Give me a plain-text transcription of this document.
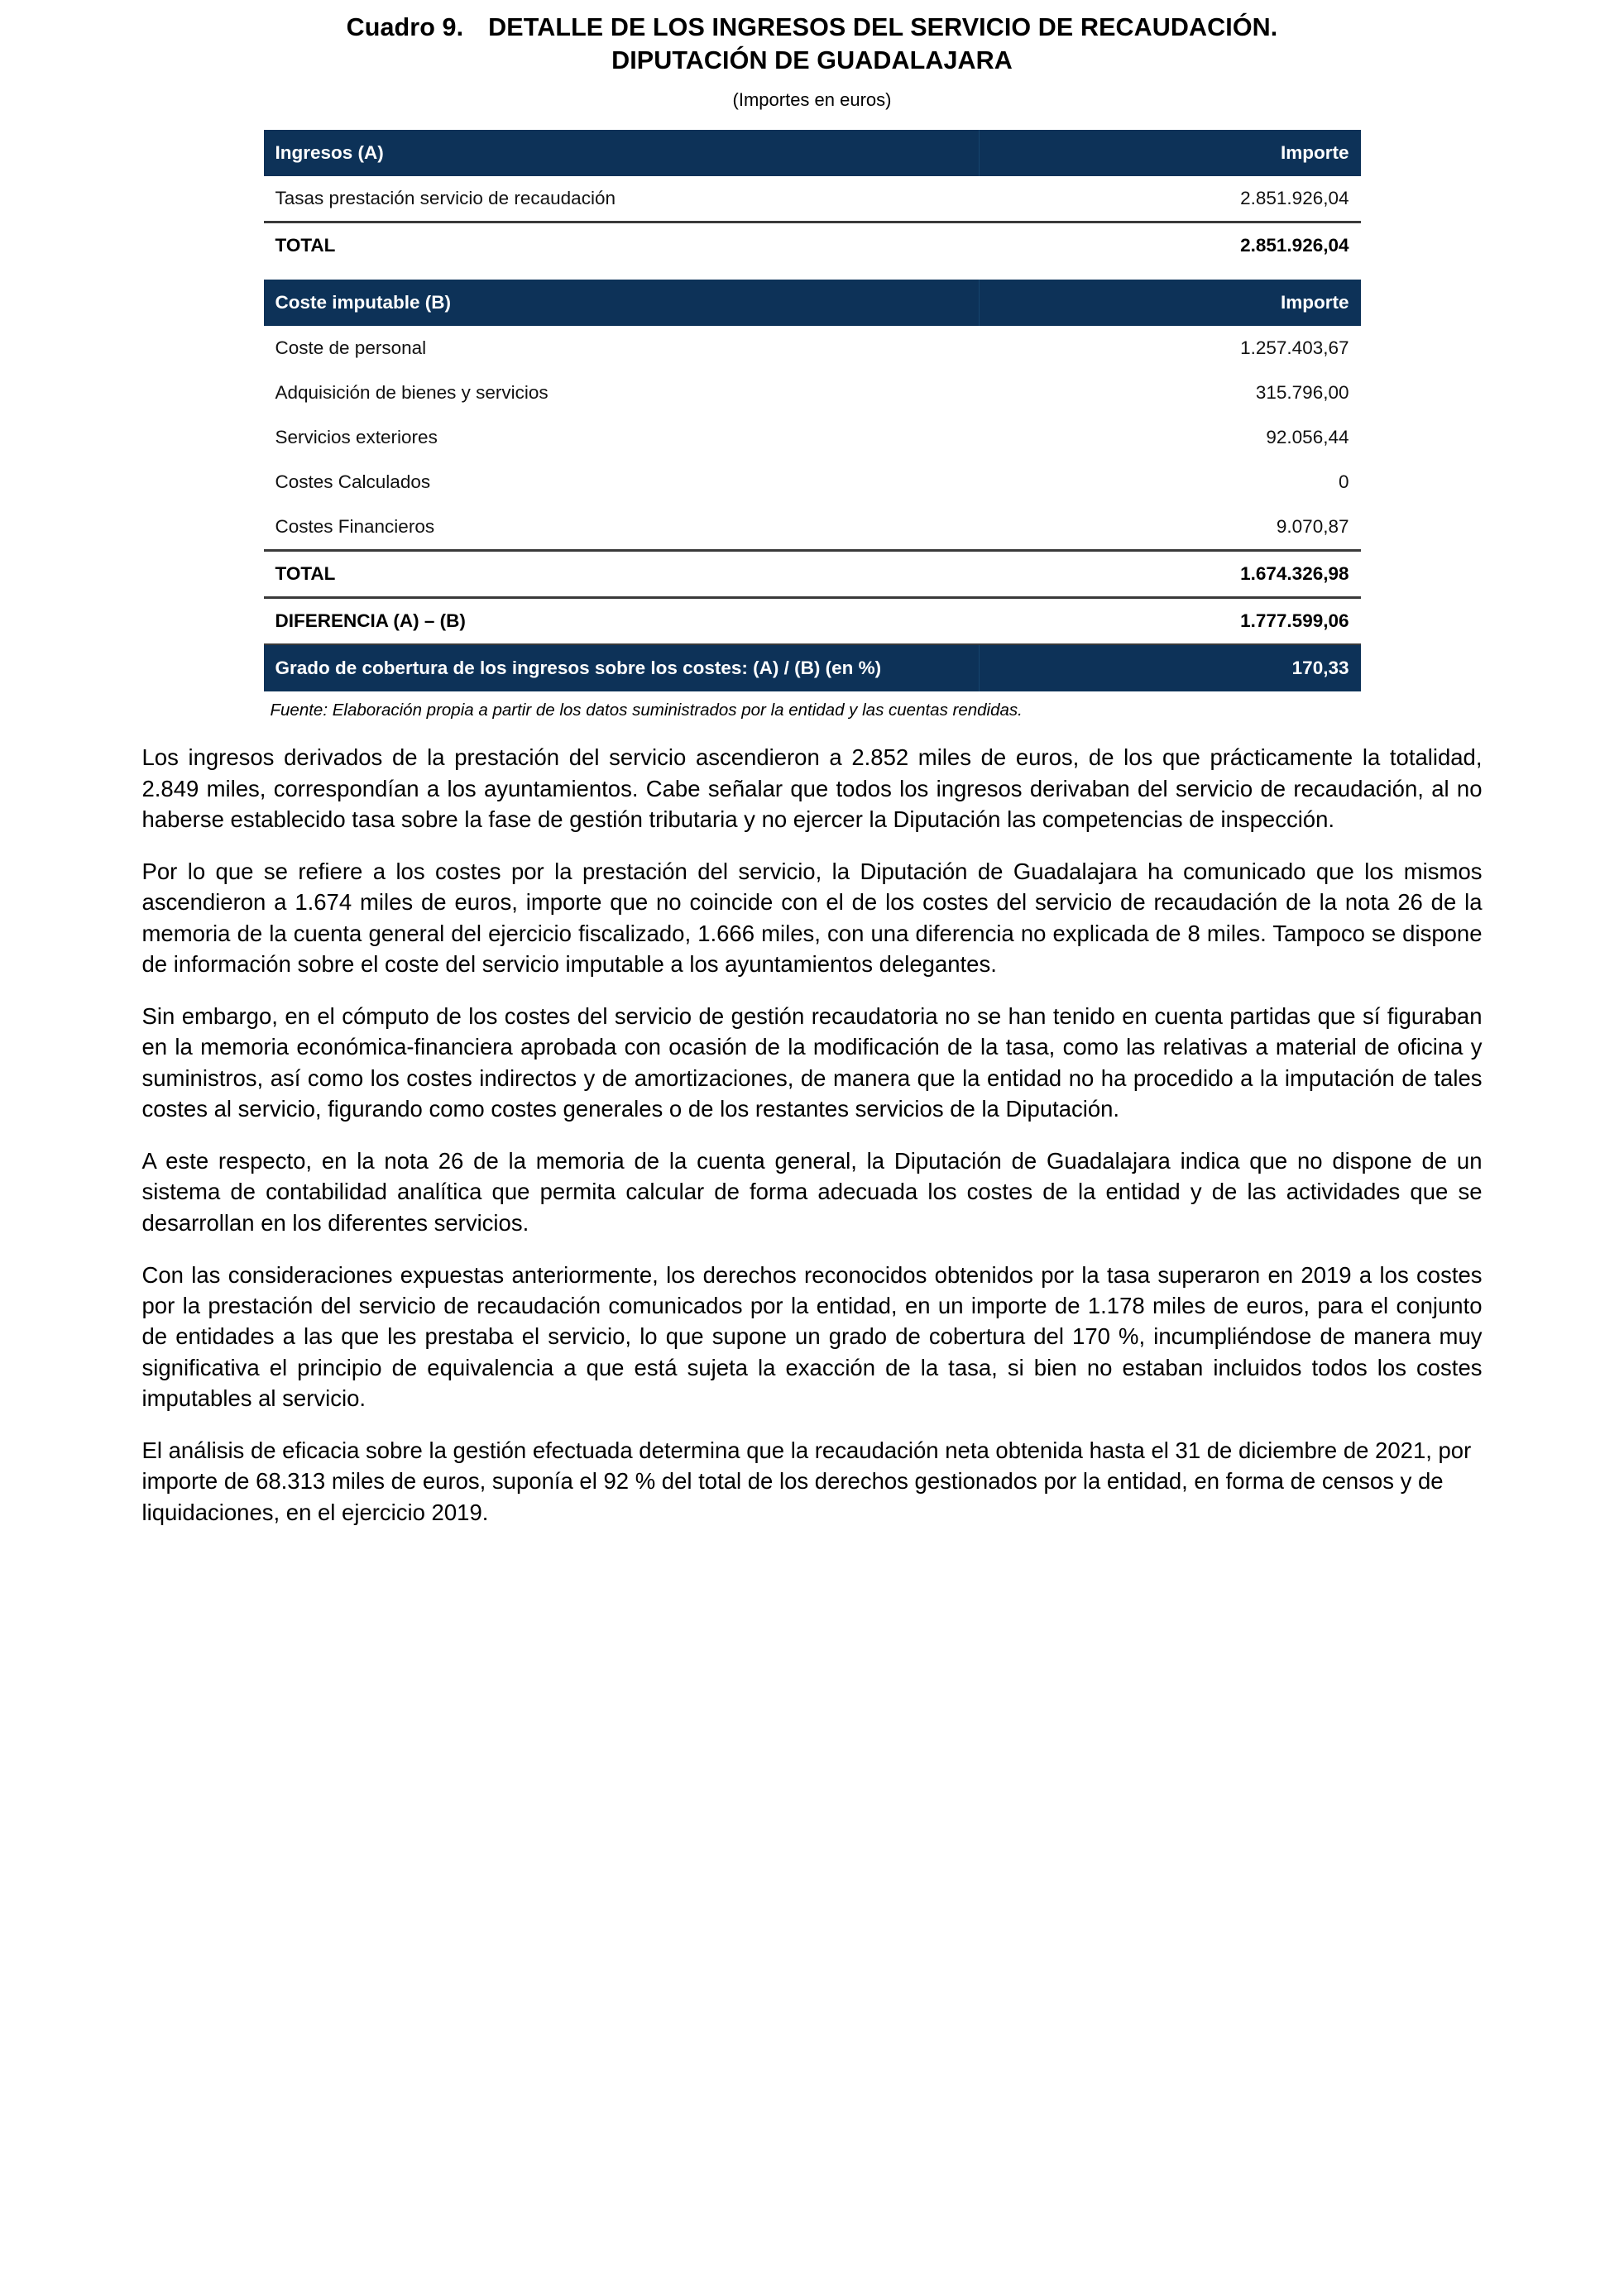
Cuadro 9. DETALLE DE LOS INGRESOS DEL SERVICIO DE RECAUDACIÓN.
DIPUTACIÓN DE GUADALAJARA
(Importes en euros)
Ingresos (A)	Importe
Tasas prestación servicio de recaudación	2.851.926,04
TOTAL	2.851.926,04

Coste imputable (B)	Importe
Coste de personal	1.257.403,67
Adquisición de bienes y servicios	315.796,00
Servicios exteriores	92.056,44
Costes Calculados	0
Costes Financieros	9.070,87
TOTAL	1.674.326,98
DIFERENCIA (A) – (B)	1.777.599,06
Grado de cobertura de los ingresos sobre los costes: (A) / (B) (en %)	170,33
Fuente: Elaboración propia a partir de los datos suministrados por la entidad y las cuentas rendidas.

Los ingresos derivados de la prestación del servicio ascendieron a 2.852 miles de euros, de los que prácticamente la totalidad, 2.849 miles, correspondían a los ayuntamientos. Cabe señalar que todos los ingresos derivaban del servicio de recaudación, al no haberse establecido tasa sobre la fase de gestión tributaria y no ejercer la Diputación las competencias de inspección.

Por lo que se refiere a los costes por la prestación del servicio, la Diputación de Guadalajara ha comunicado que los mismos ascendieron a 1.674 miles de euros, importe que no coincide con el de los costes del servicio de recaudación de la nota 26 de la memoria de la cuenta general del ejercicio fiscalizado, 1.666 miles, con una diferencia no explicada de 8 miles. Tampoco se dispone de información sobre el coste del servicio imputable a los ayuntamientos delegantes.

Sin embargo, en el cómputo de los costes del servicio de gestión recaudatoria no se han tenido en cuenta partidas que sí figuraban en la memoria económica-financiera aprobada con ocasión de la modificación de la tasa, como las relativas a material de oficina y suministros, así como los costes indirectos y de amortizaciones, de manera que la entidad no ha procedido a la imputación de tales costes al servicio, figurando como costes generales o de los restantes servicios de la Diputación.

A este respecto, en la nota 26 de la memoria de la cuenta general, la Diputación de Guadalajara indica que no dispone de un sistema de contabilidad analítica que permita calcular de forma adecuada los costes de la entidad y de las actividades que se desarrollan en los diferentes servicios.

Con las consideraciones expuestas anteriormente, los derechos reconocidos obtenidos por la tasa superaron en 2019 a los costes por la prestación del servicio de recaudación comunicados por la entidad, en un importe de 1.178 miles de euros, para el conjunto de entidades a las que les prestaba el servicio, lo que supone un grado de cobertura del 170 %, incumpliéndose de manera muy significativa el principio de equivalencia a que está sujeta la exacción de la tasa, si bien no estaban incluidos todos los costes imputables al servicio.

El análisis de eficacia sobre la gestión efectuada determina que la recaudación neta obtenida hasta el 31 de diciembre de 2021, por importe de 68.313 miles de euros, suponía el 92 % del total de los derechos gestionados por la entidad, en forma de censos y de liquidaciones, en el ejercicio 2019.
